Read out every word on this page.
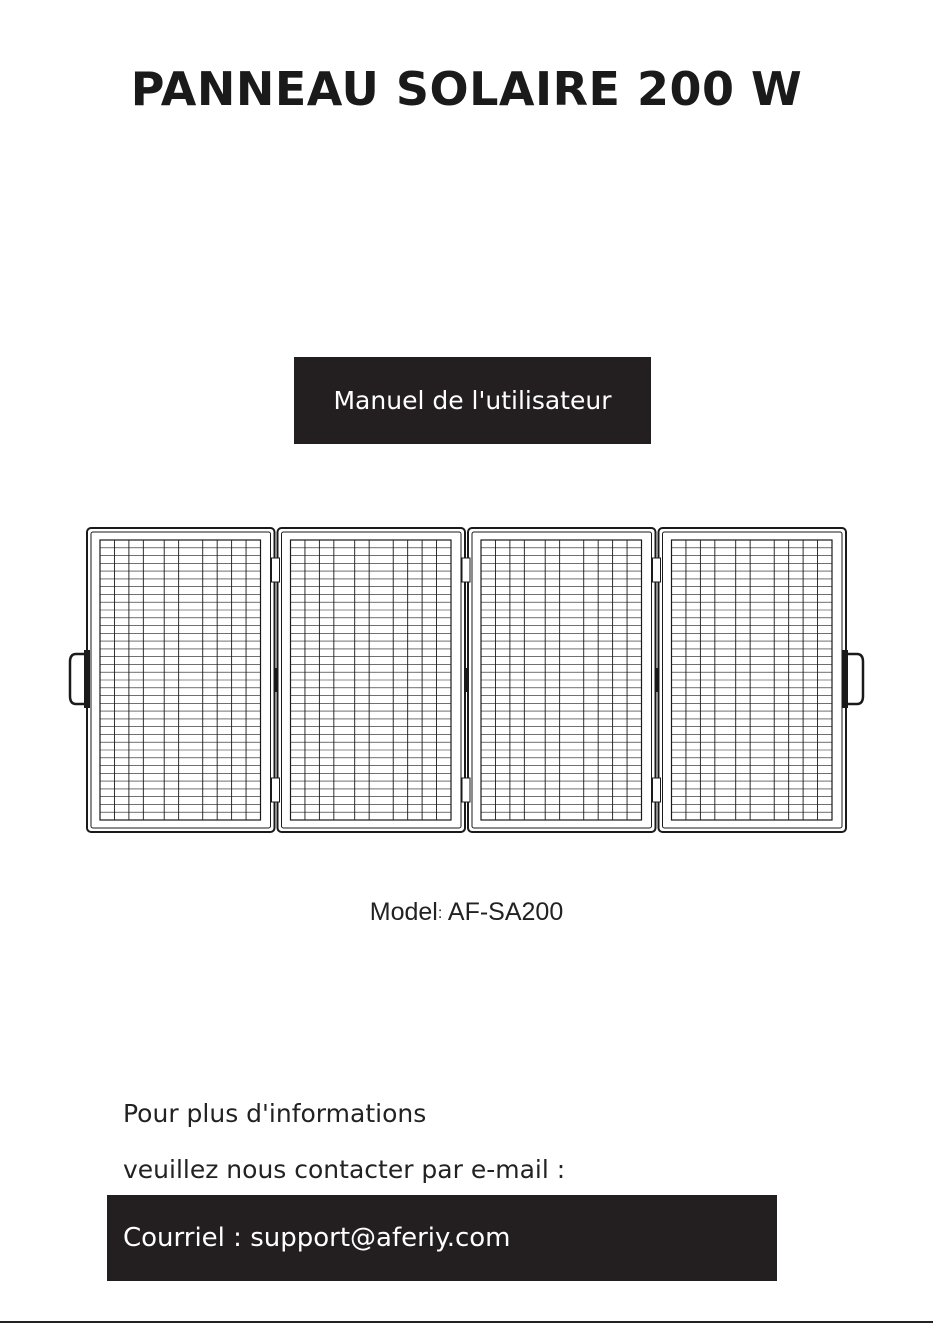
PANNEAU SOLAIRE 200 W
Manuel de l'utilisateur
Model: AF-SA200
Pour plus d'informations
veuillez nous contacter par e-mail :
Courriel : support@aferiy.com
